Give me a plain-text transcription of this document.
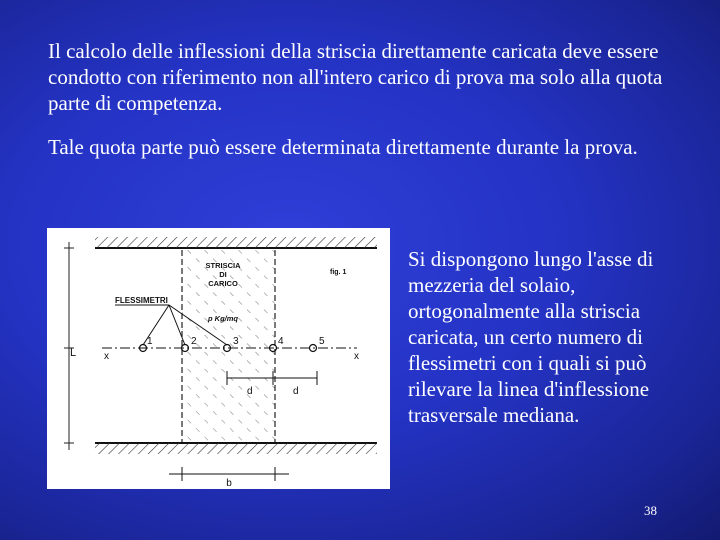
Il calcolo delle inflessioni della striscia direttamente caricata deve essere condotto con riferimento non all'intero carico di prova ma solo alla quota parte di competenza.

Tale quota parte può essere determinata direttamente durante la prova.

L	x	x
1	2	3	4	5
FLESSIMETRI
STRISCIA
DI
CARICO
p Kg/mq
fig. 1
d	d
b

Si dispongono lungo l'asse di mezzeria del solaio, ortogonalmente alla striscia caricata, un certo numero di flessimetri con i quali si può rilevare la linea d'inflessione trasversale mediana.

38
